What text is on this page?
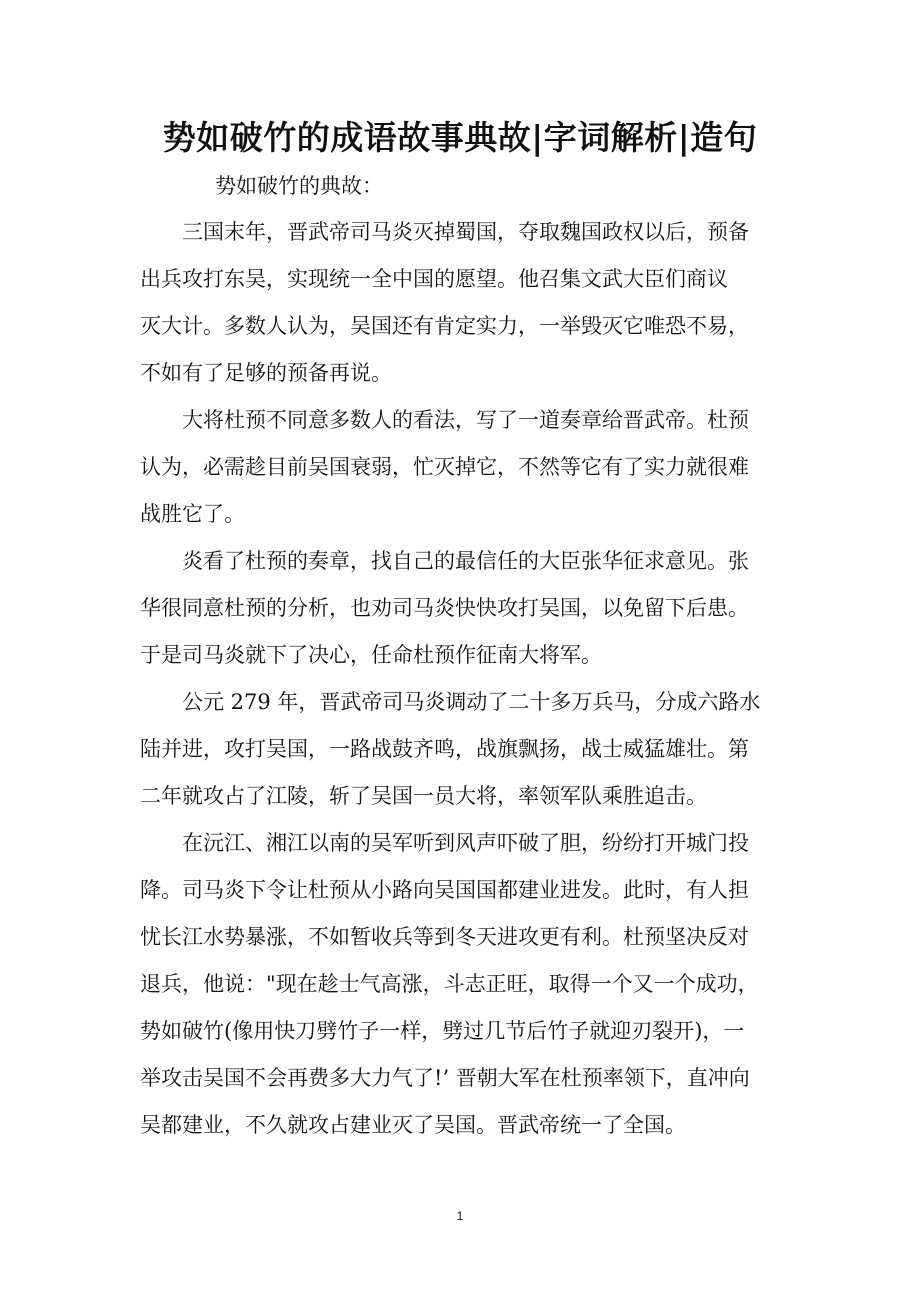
势如破竹的成语故事典故|字词解析|造句
势如破竹的典故：
三国末年，晋武帝司马炎灭掉蜀国，夺取魏国政权以后，预备
出兵攻打东吴，实现统一全中国的愿望。他召集文武大臣们商议
灭大计。多数人认为，吴国还有肯定实力，一举毁灭它唯恐不易，
不如有了足够的预备再说。
大将杜预不同意多数人的看法，写了一道奏章给晋武帝。杜预
认为，必需趁目前吴国衰弱，忙灭掉它，不然等它有了实力就很难
战胜它了。
炎看了杜预的奏章，找自己的最信任的大臣张华征求意见。张
华很同意杜预的分析，也劝司马炎快快攻打吴国，以免留下后患。
于是司马炎就下了决心，任命杜预作征南大将军。
公元 279 年，晋武帝司马炎调动了二十多万兵马，分成六路水
陆并进，攻打吴国，一路战鼓齐鸣，战旗飘扬，战士威猛雄壮。第
二年就攻占了江陵，斩了吴国一员大将，率领军队乘胜追击。
在沅江、湘江以南的吴军听到风声吓破了胆，纷纷打开城门投
降。司马炎下令让杜预从小路向吴国国都建业进发。此时，有人担
忧长江水势暴涨，不如暂收兵等到冬天进攻更有利。杜预坚决反对
退兵，他说："现在趁士气高涨，斗志正旺，取得一个又一个成功，
势如破竹(像用快刀劈竹子一样，劈过几节后竹子就迎刃裂开)，一
举攻击吴国不会再费多大力气了!’ 晋朝大军在杜预率领下，直冲向
吴都建业，不久就攻占建业灭了吴国。晋武帝统一了全国。
1
